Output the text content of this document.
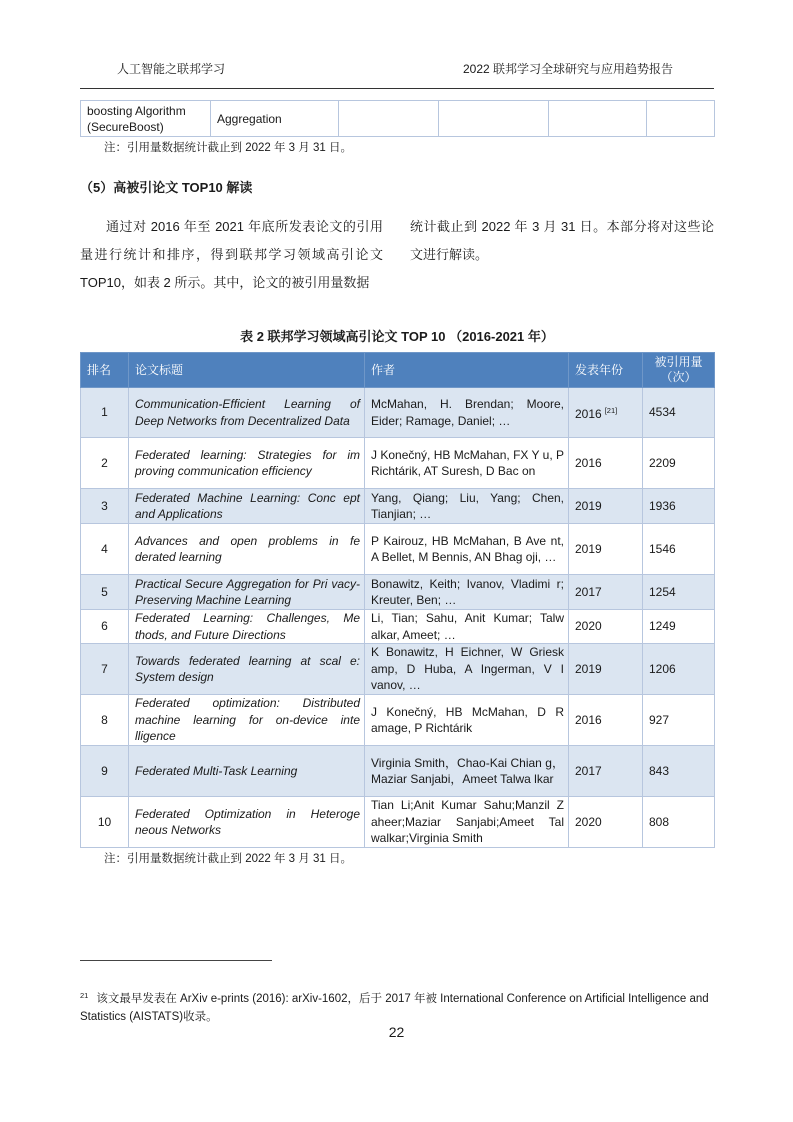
人工智能之联邦学习	2022 联邦学习全球研究与应用趋势报告
boosting Algorithm (SecureBoost)	Aggregation				
注：引用量数据统计截止到 2022 年 3 月 31 日。
（5）高被引论文 TOP10 解读
通过对 2016 年至 2021 年底所发表论文的引用量进行统计和排序，得到联邦学习领域高引论文 TOP10，如表 2 所示。其中，论文的被引用量数据
统计截止到 2022 年 3 月 31 日。本部分将对这些论文进行解读。
表 2 联邦学习领域高引论文 TOP 10 （2016-2021 年）
排名	论文标题	作者	发表年份	被引用量（次）
1	Communication-Efficient Learning of Deep Networks from Decentralized Data	McMahan, H. Brendan; Moore, Eider; Ramage, Daniel; …	2016 [21]	4534
2	Federated learning: Strategies for im proving communication efficiency	J Konečný, HB McMahan, FX Y u, P Richtárik, AT Suresh, D Bac on	2016	2209
3	Federated Machine Learning: Conc ept and Applications	Yang, Qiang; Liu, Yang; Chen, Tianjian; …	2019	1936
4	Advances and open problems in fe derated learning	P Kairouz, HB McMahan, B Ave nt, A Bellet, M Bennis, AN Bhag oji, …	2019	1546
5	Practical Secure Aggregation for Pri vacy-Preserving Machine Learning	Bonawitz, Keith; Ivanov, Vladimi r; Kreuter, Ben; …	2017	1254
6	Federated Learning: Challenges, Me thods, and Future Directions	Li, Tian; Sahu, Anit Kumar; Talw alkar, Ameet; …	2020	1249
7	Towards federated learning at scal e: System design	K Bonawitz, H Eichner, W Griesk amp, D Huba, A Ingerman, V I vanov, …	2019	1206
8	Federated optimization: Distributed machine learning for on-device inte lligence	J Konečný, HB McMahan, D R amage, P Richtárik	2016	927
9	Federated Multi-Task Learning	Virginia Smith，Chao-Kai Chian g，Maziar Sanjabi，Ameet Talwa lkar	2017	843
10	Federated Optimization in Heteroge neous Networks	Tian Li;Anit Kumar Sahu;Manzil Z aheer;Maziar Sanjabi;Ameet Tal walkar;Virginia Smith	2020	808
注：引用量数据统计截止到 2022 年 3 月 31 日。
$^{21}$ 该文最早发表在 ArXiv e-prints (2016): arXiv-1602，后于 2017 年被 International Conference on Artificial Intelligence and Statistics (AISTATS)收录。
22
